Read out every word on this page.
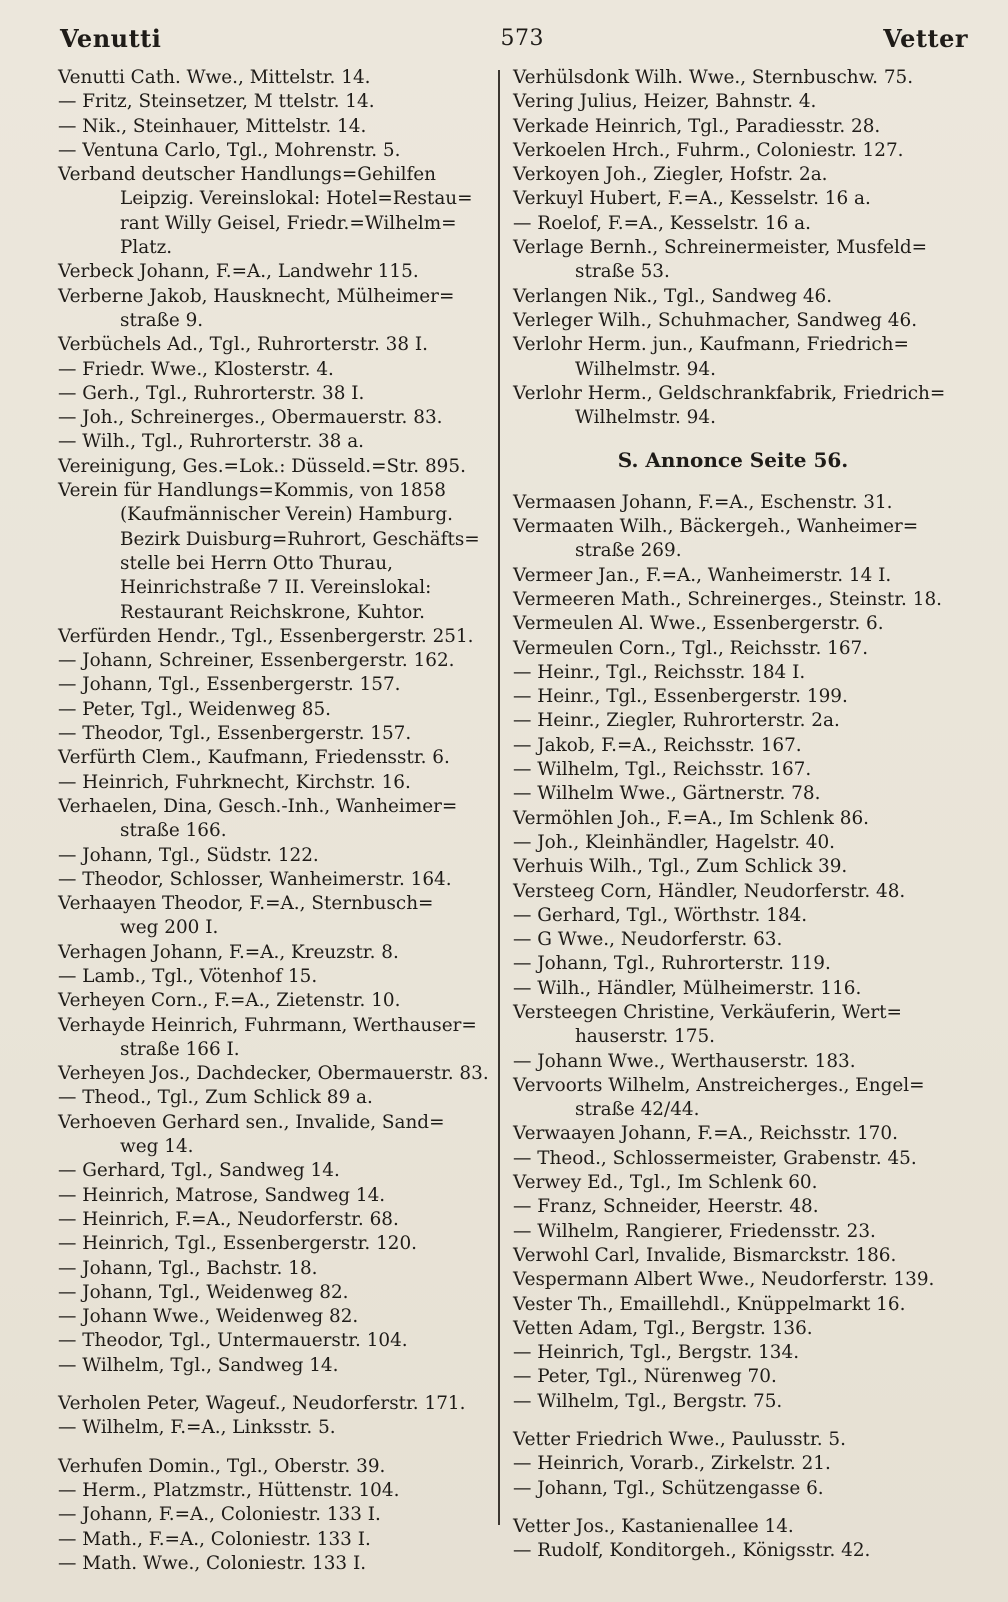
Venutti	573	Vetter
Venutti Cath. Wwe., Mittelstr. 14.
— Fritz, Steinsetzer, M ttelstr. 14.
— Nik., Steinhauer, Mittelstr. 14.
— Ventuna Carlo, Tgl., Mohrenstr. 5.
Verband deutscher Handlungs=Gehilfen
Leipzig. Vereinslokal: Hotel=Restau=
rant Willy Geisel, Friedr.=Wilhelm=
Platz.
Verbeck Johann, F.=A., Landwehr 115.
Verberne Jakob, Hausknecht, Mülheimer=
straße 9.
Verbüchels Ad., Tgl., Ruhrorterstr. 38 I.
— Friedr. Wwe., Klosterstr. 4.
— Gerh., Tgl., Ruhrorterstr. 38 I.
— Joh., Schreinerges., Obermauerstr. 83.
— Wilh., Tgl., Ruhrorterstr. 38 a.
Vereinigung, Ges.=Lok.: Düsseld.=Str. 895.
Verein für Handlungs=Kommis, von 1858
(Kaufmännischer Verein) Hamburg.
Bezirk Duisburg=Ruhrort, Geschäfts=
stelle bei Herrn Otto Thurau,
Heinrichstraße 7 II. Vereinslokal:
Restaurant Reichskrone, Kuhtor.
Verfürden Hendr., Tgl., Essenbergerstr. 251.
— Johann, Schreiner, Essenbergerstr. 162.
— Johann, Tgl., Essenbergerstr. 157.
— Peter, Tgl., Weidenweg 85.
— Theodor, Tgl., Essenbergerstr. 157.
Verfürth Clem., Kaufmann, Friedensstr. 6.
— Heinrich, Fuhrknecht, Kirchstr. 16.
Verhaelen, Dina, Gesch.-Inh., Wanheimer=
straße 166.
— Johann, Tgl., Südstr. 122.
— Theodor, Schlosser, Wanheimerstr. 164.
Verhaayen Theodor, F.=A., Sternbusch=
weg 200 I.
Verhagen Johann, F.=A., Kreuzstr. 8.
— Lamb., Tgl., Vötenhof 15.
Verheyen Corn., F.=A., Zietenstr. 10.
Verhayde Heinrich, Fuhrmann, Werthauser=
straße 166 I.
Verheyen Jos., Dachdecker, Obermauerstr. 83.
— Theod., Tgl., Zum Schlick 89 a.
Verhoeven Gerhard sen., Invalide, Sand=
weg 14.
— Gerhard, Tgl., Sandweg 14.
— Heinrich, Matrose, Sandweg 14.
— Heinrich, F.=A., Neudorferstr. 68.
— Heinrich, Tgl., Essenbergerstr. 120.
— Johann, Tgl., Bachstr. 18.
— Johann, Tgl., Weidenweg 82.
— Johann Wwe., Weidenweg 82.
— Theodor, Tgl., Untermauerstr. 104.
— Wilhelm, Tgl., Sandweg 14.
Verholen Peter, Wageuf., Neudorferstr. 171.
— Wilhelm, F.=A., Linksstr. 5.
Verhufen Domin., Tgl., Oberstr. 39.
— Herm., Platzmstr., Hüttenstr. 104.
— Johann, F.=A., Coloniestr. 133 I.
— Math., F.=A., Coloniestr. 133 I.
— Math. Wwe., Coloniestr. 133 I.
Verhülsdonk Wilh. Wwe., Sternbuschw. 75.
Vering Julius, Heizer, Bahnstr. 4.
Verkade Heinrich, Tgl., Paradiesstr. 28.
Verkoelen Hrch., Fuhrm., Coloniestr. 127.
Verkoyen Joh., Ziegler, Hofstr. 2a.
Verkuyl Hubert, F.=A., Kesselstr. 16 a.
— Roelof, F.=A., Kesselstr. 16 a.
Verlage Bernh., Schreinermeister, Musfeld=
straße 53.
Verlangen Nik., Tgl., Sandweg 46.
Verleger Wilh., Schuhmacher, Sandweg 46.
Verlohr Herm. jun., Kaufmann, Friedrich=
Wilhelmstr. 94.
Verlohr Herm., Geldschrankfabrik, Friedrich=
Wilhelmstr. 94.
S. Annonce Seite 56.
Vermaasen Johann, F.=A., Eschenstr. 31.
Vermaaten Wilh., Bäckergeh., Wanheimer=
straße 269.
Vermeer Jan., F.=A., Wanheimerstr. 14 I.
Vermeeren Math., Schreinerges., Steinstr. 18.
Vermeulen Al. Wwe., Essenbergerstr. 6.
Vermeulen Corn., Tgl., Reichsstr. 167.
— Heinr., Tgl., Reichsstr. 184 I.
— Heinr., Tgl., Essenbergerstr. 199.
— Heinr., Ziegler, Ruhrorterstr. 2a.
— Jakob, F.=A., Reichsstr. 167.
— Wilhelm, Tgl., Reichsstr. 167.
— Wilhelm Wwe., Gärtnerstr. 78.
Vermöhlen Joh., F.=A., Im Schlenk 86.
— Joh., Kleinhändler, Hagelstr. 40.
Verhuis Wilh., Tgl., Zum Schlick 39.
Versteeg Corn, Händler, Neudorferstr. 48.
— Gerhard, Tgl., Wörthstr. 184.
— G Wwe., Neudorferstr. 63.
— Johann, Tgl., Ruhrorterstr. 119.
— Wilh., Händler, Mülheimerstr. 116.
Versteegen Christine, Verkäuferin, Wert=
hauserstr. 175.
— Johann Wwe., Werthauserstr. 183.
Vervoorts Wilhelm, Anstreicherges., Engel=
straße 42/44.
Verwaayen Johann, F.=A., Reichsstr. 170.
— Theod., Schlossermeister, Grabenstr. 45.
Verwey Ed., Tgl., Im Schlenk 60.
— Franz, Schneider, Heerstr. 48.
— Wilhelm, Rangierer, Friedensstr. 23.
Verwohl Carl, Invalide, Bismarckstr. 186.
Vespermann Albert Wwe., Neudorferstr. 139.
Vester Th., Emaillehdl., Knüppelmarkt 16.
Vetten Adam, Tgl., Bergstr. 136.
— Heinrich, Tgl., Bergstr. 134.
— Peter, Tgl., Nürenweg 70.
— Wilhelm, Tgl., Bergstr. 75.
Vetter Friedrich Wwe., Paulusstr. 5.
— Heinrich, Vorarb., Zirkelstr. 21.
— Johann, Tgl., Schützengasse 6.
Vetter Jos., Kastanienallee 14.
— Rudolf, Konditorgeh., Königsstr. 42.
